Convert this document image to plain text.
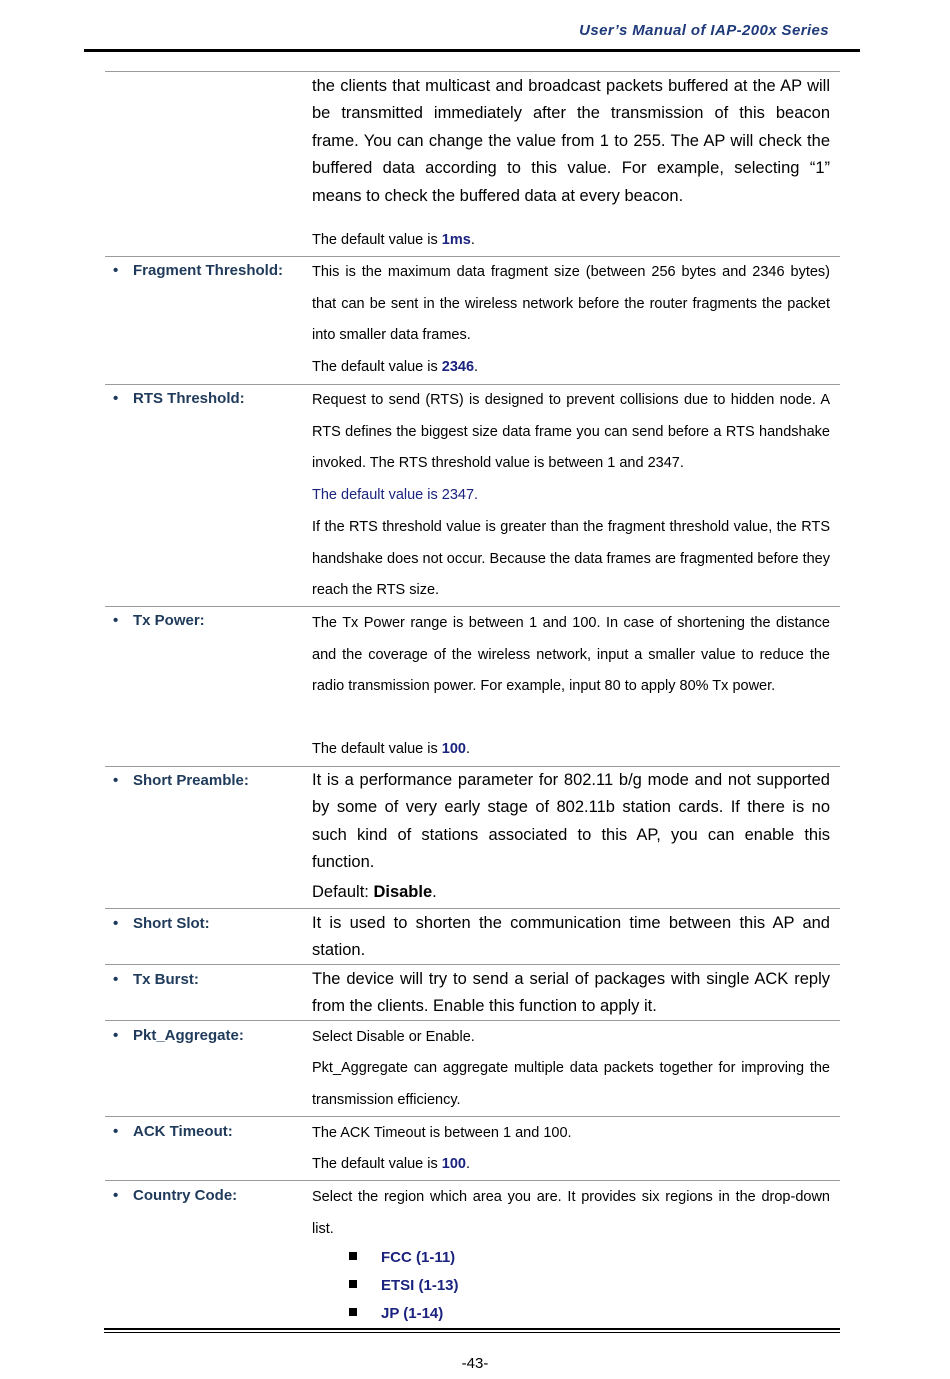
User’s Manual of IAP-200x Series
the clients that multicast and broadcast packets buffered at the AP will be transmitted immediately after the transmission of this beacon frame. You can change the value from 1 to 255. The AP will check the buffered data according to this value. For example, selecting “1” means to check the buffered data at every beacon.
The default value is 1ms.
• Fragment Threshold: This is the maximum data fragment size (between 256 bytes and 2346 bytes) that can be sent in the wireless network before the router fragments the packet into smaller data frames.
The default value is 2346.
• RTS Threshold:	Request to send (RTS) is designed to prevent collisions due to hidden node. A RTS defines the biggest size data frame you can send before a RTS handshake invoked. The RTS threshold value is between 1 and 2347.
The default value is 2347.
If the RTS threshold value is greater than the fragment threshold value, the RTS handshake does not occur. Because the data frames are fragmented before they reach the RTS size.
• Tx Power:	The Tx Power range is between 1 and 100. In case of shortening the distance and the coverage of the wireless network, input a smaller value to reduce the radio transmission power. For example, input 80 to apply 80% Tx power.
The default value is 100.
• Short Preamble:	It is a performance parameter for 802.11 b/g mode and not supported by some of very early stage of 802.11b station cards. If there is no such kind of stations associated to this AP, you can enable this function.
Default: Disable.
• Short Slot:	It is used to shorten the communication time between this AP and station.
• Tx Burst:	The device will try to send a serial of packages with single ACK reply from the clients. Enable this function to apply it.
• Pkt_Aggregate:	Select Disable or Enable.
Pkt_Aggregate can aggregate multiple data packets together for improving the transmission efficiency.
• ACK Timeout:	The ACK Timeout is between 1 and 100.
The default value is 100.
• Country Code:	Select the region which area you are. It provides six regions in the drop-down list.
FCC (1-11)
ETSI (1-13)
JP (1-14)
-43-
